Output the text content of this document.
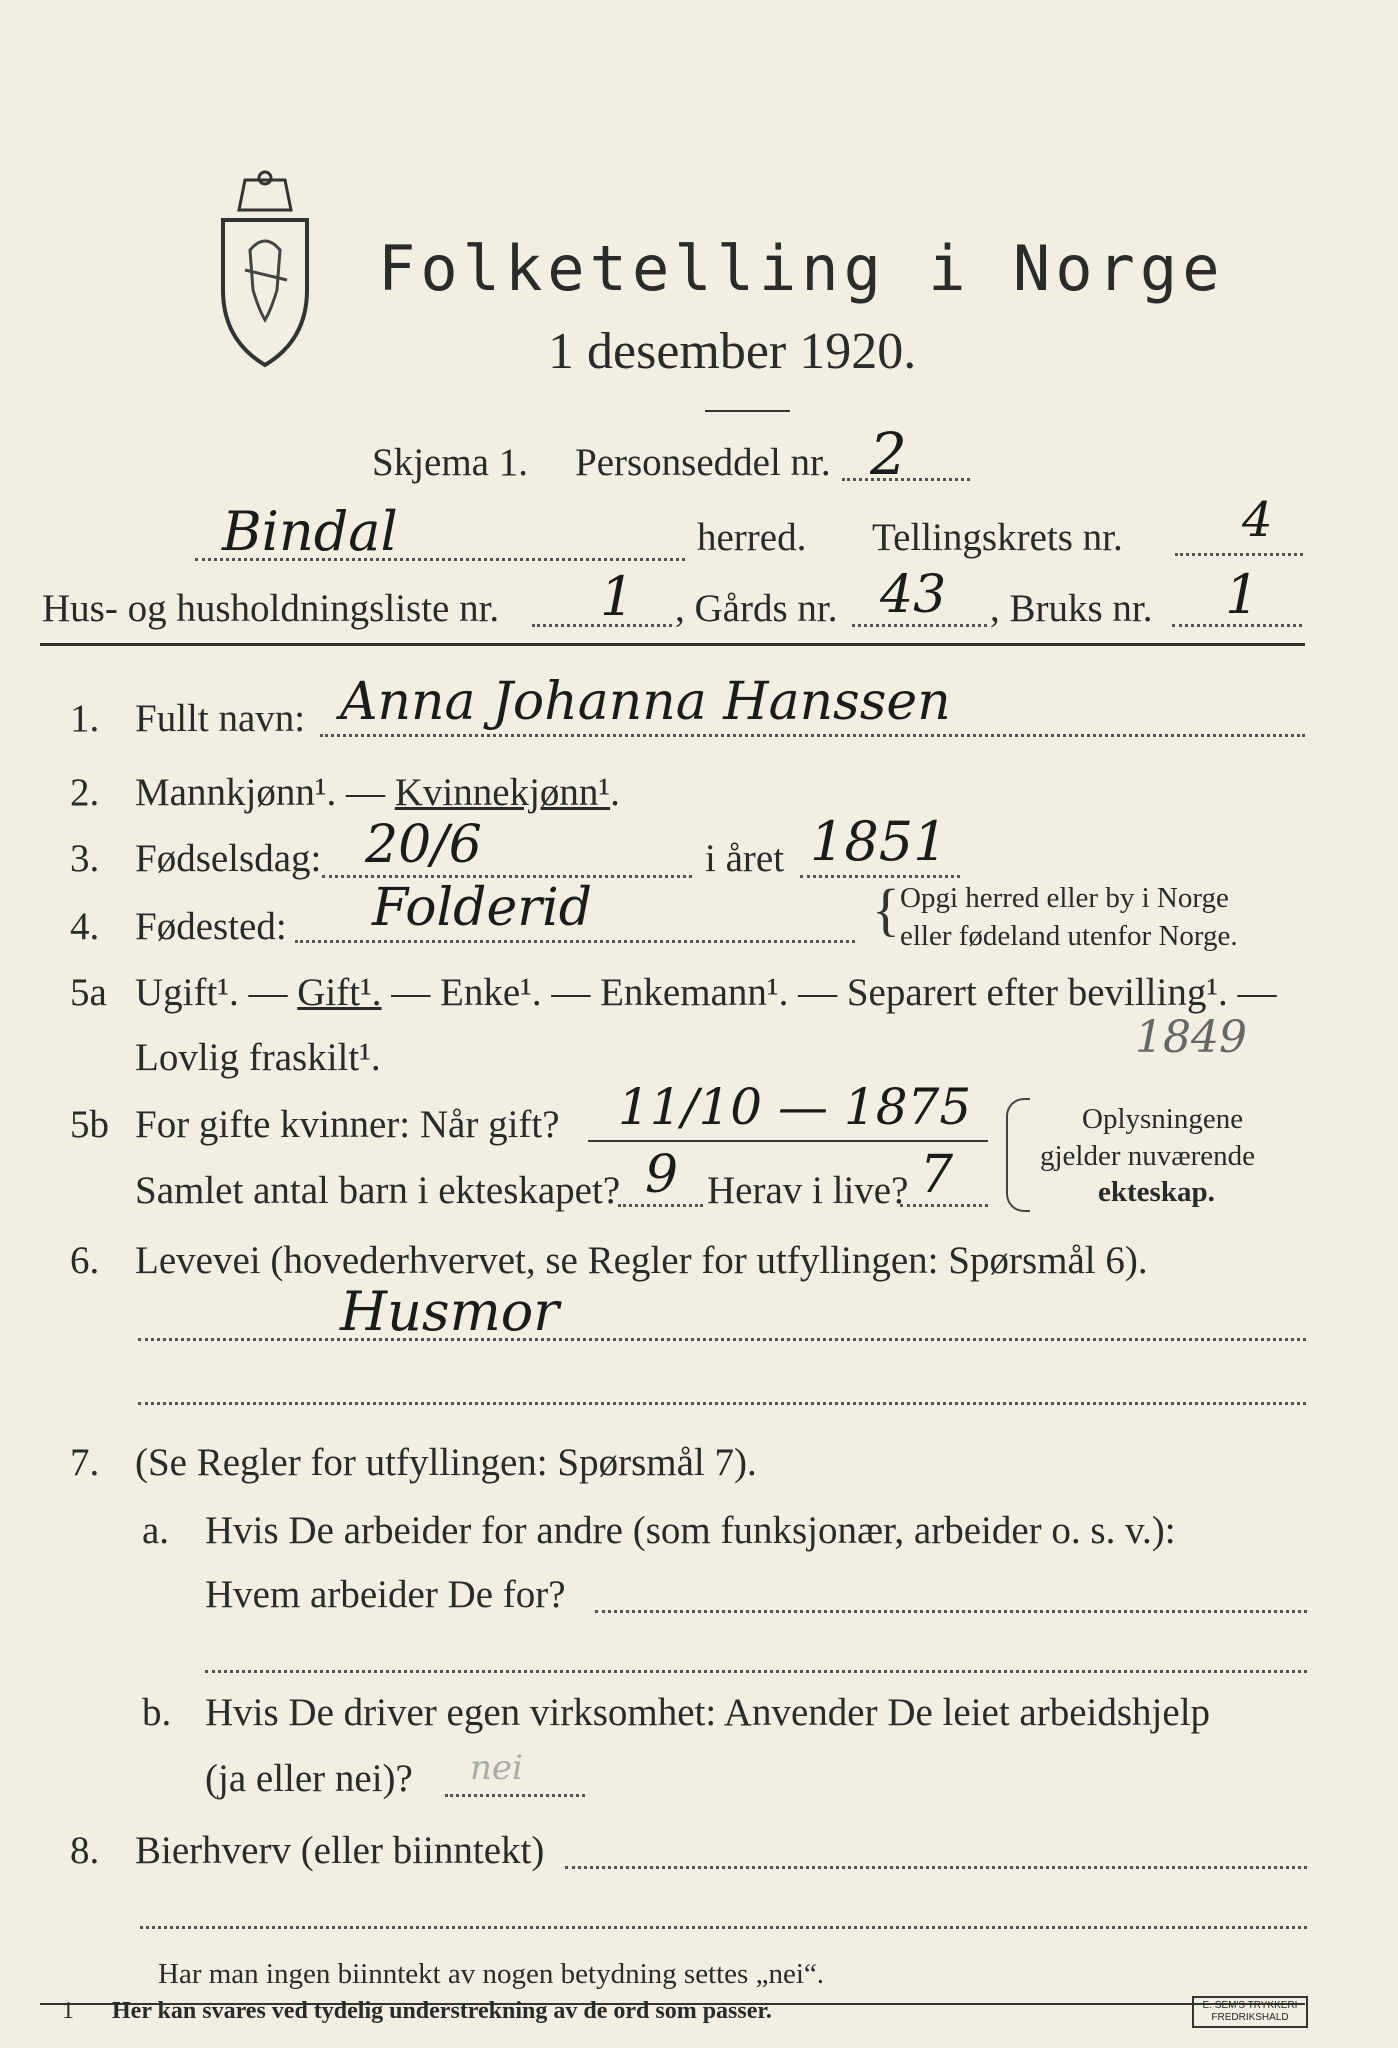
Folketelling i Norge
1 desember 1920.
Skjema 1. Personseddel nr. 2
Bindal	herred. Tellingskrets nr. 4
Hus- og husholdningsliste nr. 1 , Gårds nr. 43 , Bruks nr. 1
1. Fullt navn: Anna Johanna Hanssen
2. Mannkjønn¹. — Kvinnekjønn¹.
3. Fødselsdag: 20/6	i året 1851
4. Fødested: Folderid	{ Opgi herred eller by i Norge
eller fødeland utenfor Norge.
5a Ugift¹. — Gift¹. — Enke¹. — Enkemann¹. — Separert efter bevilling¹. —
Lovlig fraskilt¹.	1849
5b For gifte kvinner: Når gift? 11/10 — 1875
Samlet antal barn i ekteskapet? 9 Herav i live? 7
Oplysningene
gjelder nuværende
ekteskap.
6. Levevei (hovederhvervet, se Regler for utfyllingen: Spørsmål 6).
Husmor
7. (Se Regler for utfyllingen: Spørsmål 7).
a. Hvis De arbeider for andre (som funksjonær, arbeider o. s. v.):
Hvem arbeider De for?
b. Hvis De driver egen virksomhet: Anvender De leiet arbeidshjelp
(ja eller nei)? nei
8. Bierhverv (eller biinntekt)
Har man ingen biinntekt av nogen betydning settes „nei“.
1 Her kan svares ved tydelig understrekning av de ord som passer.	E. SEM'S TRYKKERI
FREDRIKSHALD
